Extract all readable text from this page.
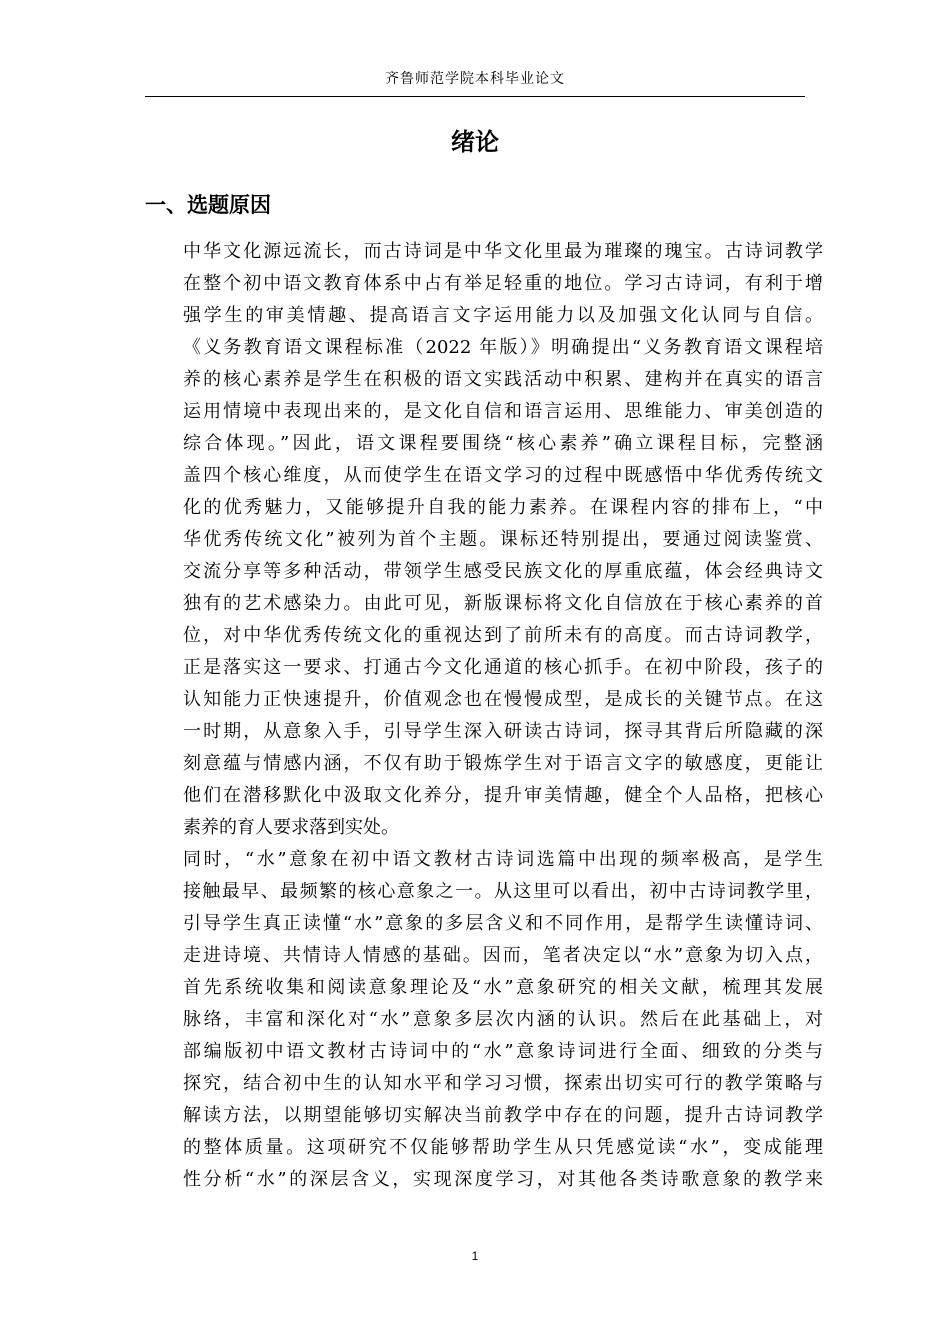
齐鲁师范学院本科毕业论文
绪论
一、选题原因
中华文化源远流长，而古诗词是中华文化里最为璀璨的瑰宝。古诗词教学
在整个初中语文教育体系中占有举足轻重的地位。学习古诗词，有利于增
强学生的审美情趣、提高语言文字运用能力以及加强文化认同与自信。
《义务教育语文课程标准（2022 年版）》明确提出“义务教育语文课程培
养的核心素养是学生在积极的语文实践活动中积累、建构并在真实的语言
运用情境中表现出来的，是文化自信和语言运用、思维能力、审美创造的
综合体现。”因此，语文课程要围绕“核心素养”确立课程目标，完整涵
盖四个核心维度，从而使学生在语文学习的过程中既感悟中华优秀传统文
化的优秀魅力，又能够提升自我的能力素养。在课程内容的排布上，“中
华优秀传统文化”被列为首个主题。课标还特别提出，要通过阅读鉴赏、
交流分享等多种活动，带领学生感受民族文化的厚重底蕴，体会经典诗文
独有的艺术感染力。由此可见，新版课标将文化自信放在于核心素养的首
位，对中华优秀传统文化的重视达到了前所未有的高度。而古诗词教学，
正是落实这一要求、打通古今文化通道的核心抓手。在初中阶段，孩子的
认知能力正快速提升，价值观念也在慢慢成型，是成长的关键节点。在这
一时期，从意象入手，引导学生深入研读古诗词，探寻其背后所隐藏的深
刻意蕴与情感内涵，不仅有助于锻炼学生对于语言文字的敏感度，更能让
他们在潜移默化中汲取文化养分，提升审美情趣，健全个人品格，把核心
素养的育人要求落到实处。
同时，“水”意象在初中语文教材古诗词选篇中出现的频率极高，是学生
接触最早、最频繁的核心意象之一。从这里可以看出，初中古诗词教学里，
引导学生真正读懂“水”意象的多层含义和不同作用，是帮学生读懂诗词、
走进诗境、共情诗人情感的基础。因而，笔者决定以“水”意象为切入点，
首先系统收集和阅读意象理论及“水”意象研究的相关文献，梳理其发展
脉络，丰富和深化对“水”意象多层次内涵的认识。然后在此基础上，对
部编版初中语文教材古诗词中的“水”意象诗词进行全面、细致的分类与
探究，结合初中生的认知水平和学习习惯，探索出切实可行的教学策略与
解读方法，以期望能够切实解决当前教学中存在的问题，提升古诗词教学
的整体质量。这项研究不仅能够帮助学生从只凭感觉读“水”，变成能理
性分析“水”的深层含义，实现深度学习，对其他各类诗歌意象的教学来
1
